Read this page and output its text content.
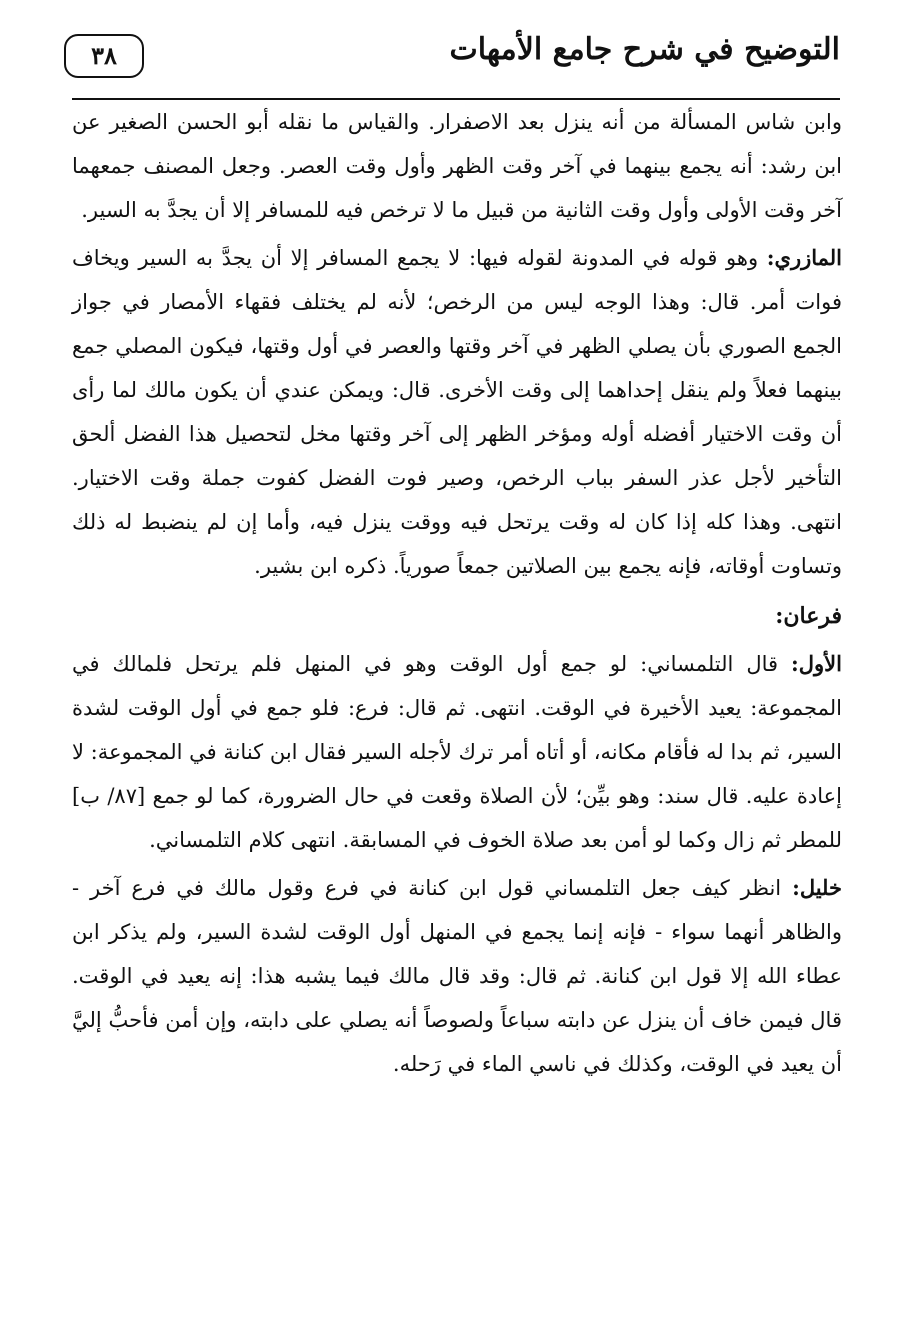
٣٨	التوضيح في شرح جامع الأمهات

وابن شاس المسألة من أنه ينزل بعد الاصفرار. والقياس ما نقله أبو الحسن الصغير عن ابن رشد: أنه يجمع بينهما في آخر وقت الظهر وأول وقت العصر. وجعل المصنف جمعهما آخر وقت الأولى وأول وقت الثانية من قبيل ما لا ترخص فيه للمسافر إلا أن يجدَّ به السير.

المازري: وهو قوله في المدونة لقوله فيها: لا يجمع المسافر إلا أن يجدَّ به السير ويخاف فوات أمر. قال: وهذا الوجه ليس من الرخص؛ لأنه لم يختلف فقهاء الأمصار في جواز الجمع الصوري بأن يصلي الظهر في آخر وقتها والعصر في أول وقتها، فيكون المصلي جمع بينهما فعلاً ولم ينقل إحداهما إلى وقت الأخرى. قال: ويمكن عندي أن يكون مالك لما رأى أن وقت الاختيار أفضله أوله ومؤخر الظهر إلى آخر وقتها مخل لتحصيل هذا الفضل ألحق التأخير لأجل عذر السفر بباب الرخص، وصير فوت الفضل كفوت جملة وقت الاختيار. انتهى. وهذا كله إذا كان له وقت يرتحل فيه ووقت ينزل فيه، وأما إن لم ينضبط له ذلك وتساوت أوقاته، فإنه يجمع بين الصلاتين جمعاً صورياً. ذكره ابن بشير.

فرعان:

الأول: قال التلمساني: لو جمع أول الوقت وهو في المنهل فلم يرتحل فلمالك في المجموعة: يعيد الأخيرة في الوقت. انتهى. ثم قال: فرع: فلو جمع في أول الوقت لشدة السير، ثم بدا له فأقام مكانه، أو أتاه أمر ترك لأجله السير فقال ابن كنانة في المجموعة: لا إعادة عليه. قال سند: وهو بيِّن؛ لأن الصلاة وقعت في حال الضرورة، كما لو جمع [٨٧/ ب] للمطر ثم زال وكما لو أمن بعد صلاة الخوف في المسابقة. انتهى كلام التلمساني.

خليل: انظر كيف جعل التلمساني قول ابن كنانة في فرع وقول مالك في فرع آخر - والظاهر أنهما سواء - فإنه إنما يجمع في المنهل أول الوقت لشدة السير، ولم يذكر ابن عطاء الله إلا قول ابن كنانة. ثم قال: وقد قال مالك فيما يشبه هذا: إنه يعيد في الوقت. قال فيمن خاف أن ينزل عن دابته سباعاً ولصوصاً أنه يصلي على دابته، وإن أمن فأحبُّ إليَّ أن يعيد في الوقت، وكذلك في ناسي الماء في رَحله.
